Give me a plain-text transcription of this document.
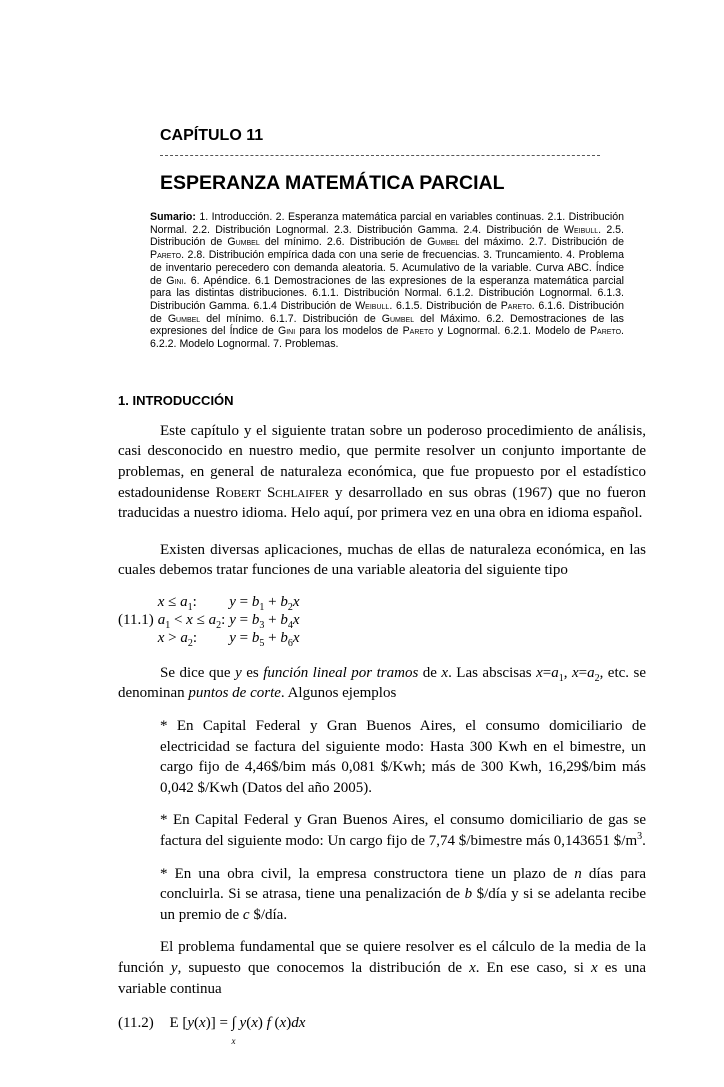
CAPÍTULO 11
ESPERANZA MATEMÁTICA PARCIAL
Sumario: 1. Introducción. 2. Esperanza matemática parcial en variables continuas. 2.1. Distribución Normal. 2.2. Distribución Lognormal. 2.3. Distribución Gamma. 2.4. Distribución de Weibull. 2.5. Distribución de Gumbel del mínimo. 2.6. Distribución de Gumbel del máximo. 2.7. Distribución de Pareto. 2.8. Distribución empírica dada con una serie de frecuencias. 3. Truncamiento. 4. Problema de inventario perecedero con demanda aleatoria. 5. Acumulativo de la variable. Curva ABC. Índice de Gini. 6. Apéndice. 6.1 Demostraciones de las expresiones de la esperanza matemática parcial para las distintas distribuciones. 6.1.1. Distribución Normal. 6.1.2. Distribución Lognormal. 6.1.3. Distribución Gamma. 6.1.4 Distribución de Weibull. 6.1.5. Distribución de Pareto. 6.1.6. Distribución de Gumbel del mínimo. 6.1.7. Distribución de Gumbel del Máximo. 6.2. Demostraciones de las expresiones del Índice de Gini para los modelos de Pareto y Lognormal. 6.2.1. Modelo de Pareto. 6.2.2. Modelo Lognormal. 7. Problemas.
1. INTRODUCCIÓN
Este capítulo y el siguiente tratan sobre un poderoso procedimiento de análisis, casi desconocido en nuestro medio, que permite resolver un conjunto importante de problemas, en general de naturaleza económica, que fue propuesto por el estadístico estadounidense Robert Schlaifer y desarrollado en sus obras (1967) que no fueron traducidas a nuestro idioma. Helo aquí, por primera vez en una obra en idioma español.
Existen diversas aplicaciones, muchas de ellas de naturaleza económica, en las cuales debemos tratar funciones de una variable aleatoria del siguiente tipo
	$x \le a_1$:	$y = b_1 + b_2x$
(11.1)	$a_1 < x \le a_2$:	$y = b_3 + b_4x$
	$x > a_2$:	$y = b_5 + b_6x$
Se dice que y es función lineal por tramos de x. Las abscisas $x=a_1$, $x=a_2$, etc. se denominan puntos de corte. Algunos ejemplos
* En Capital Federal y Gran Buenos Aires, el consumo domiciliario de electricidad se factura del siguiente modo: Hasta 300 Kwh en el bimestre, un cargo fijo de 4,46$/bim más 0,081 $/Kwh; más de 300 Kwh, 16,29$/bim más 0,042 $/Kwh (Datos del año 2005).
* En Capital Federal y Gran Buenos Aires, el consumo domiciliario de gas se factura del siguiente modo: Un cargo fijo de 7,74 $/bimestre más 0,143651 $\$/m^3$.
* En una obra civil, la empresa constructora tiene un plazo de n días para concluirla. Si se atrasa, tiene una penalización de b $/día y si se adelanta recibe un premio de c $/día.
El problema fundamental que se quiere resolver es el cálculo de la media de la función y, supuesto que conocemos la distribución de x. En ese caso, si x es una variable continua
(11.2) E [y(x)] = ∫ y(x) f (x)dx
x
